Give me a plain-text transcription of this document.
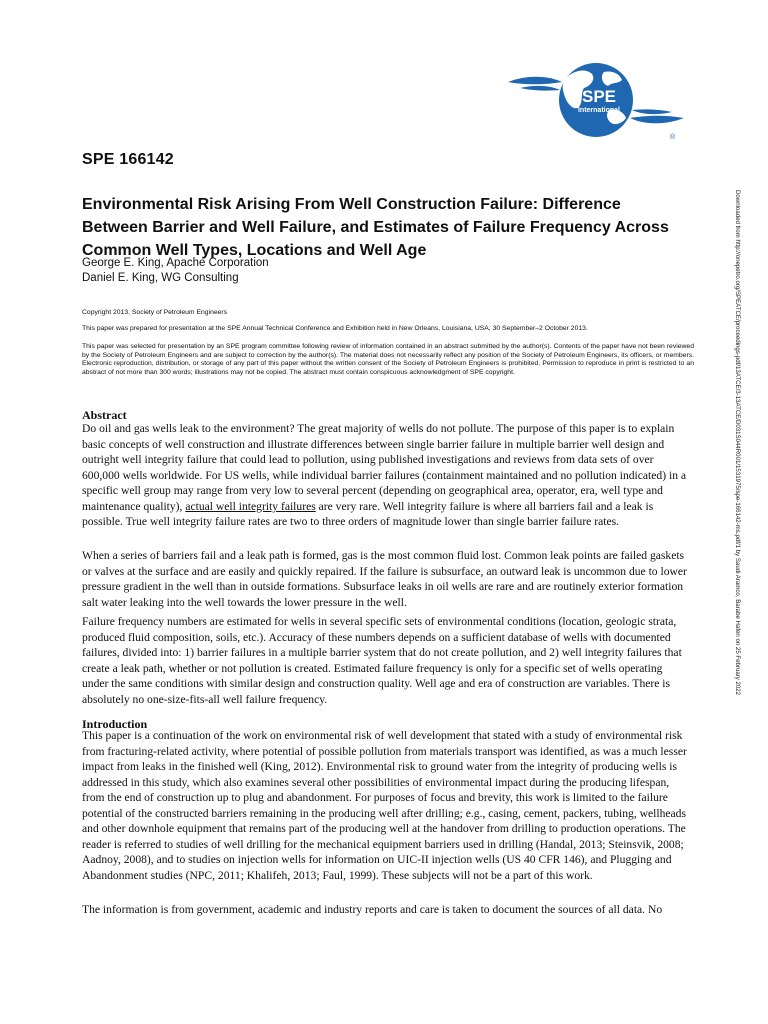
SPE
International
®
SPE 166142
Environmental Risk Arising From Well Construction Failure: Difference Between Barrier and Well Failure, and Estimates of Failure Frequency Across Common Well Types, Locations and Well Age
George E. King, Apache Corporation
Daniel E. King, WG Consulting
Copyright 2013, Society of Petroleum Engineers
This paper was prepared for presentation at the SPE Annual Technical Conference and Exhibition held in New Orleans, Louisiana, USA, 30 September–2 October 2013.
This paper was selected for presentation by an SPE program committee following review of information contained in an abstract submitted by the author(s). Contents of the paper have not been reviewed by the Society of Petroleum Engineers and are subject to correction by the author(s). The material does not necessarily reflect any position of the Society of Petroleum Engineers, its officers, or members. Electronic reproduction, distribution, or storage of any part of this paper without the written consent of the Society of Petroleum Engineers is prohibited. Permission to reproduce in print is restricted to an abstract of not more than 300 words; illustrations may not be copied. The abstract must contain conspicuous acknowledgment of SPE copyright.
Abstract

Do oil and gas wells leak to the environment? The great majority of wells do not pollute. The purpose of this paper is to explain basic concepts of well construction and illustrate differences between single barrier failure in multiple barrier well design and outright well integrity failure that could lead to pollution, using published investigations and reviews from data sets of over 600,000 wells worldwide. For US wells, while individual barrier failures (containment maintained and no pollution indicated) in a specific well group may range from very low to several percent (depending on geographical area, operator, era, well type and maintenance quality), actual well integrity failures are very rare. Well integrity failure is where all barriers fail and a leak is possible. True well integrity failure rates are two to three orders of magnitude lower than single barrier failure rates.

When a series of barriers fail and a leak path is formed, gas is the most common fluid lost. Common leak points are failed gaskets or valves at the surface and are easily and quickly repaired. If the failure is subsurface, an outward leak is uncommon due to lower pressure gradient in the well than in outside formations. Subsurface leaks in oil wells are rare and are routinely exterior formation salt water leaking into the well towards the lower pressure in the well.

Failure frequency numbers are estimated for wells in several specific sets of environmental conditions (location, geologic strata, produced fluid composition, soils, etc.). Accuracy of these numbers depends on a sufficient database of wells with documented failures, divided into: 1) barrier failures in a multiple barrier system that do not create pollution, and 2) well integrity failures that create a leak path, whether or not pollution is created. Estimated failure frequency is only for a specific set of wells operating under the same conditions with similar design and construction quality. Well age and era of construction are variables. There is absolutely no one-size-fits-all well failure frequency.

Introduction

This paper is a continuation of the work on environmental risk of well development that stated with a study of environmental risk from fracturing-related activity, where potential of possible pollution from materials transport was identified, as was a much lesser impact from leaks in the finished well (King, 2012). Environmental risk to ground water from the integrity of producing wells is addressed in this study, which also examines several other possibilities of environmental impact during the producing lifespan, from the end of construction up to plug and abandonment. For purposes of focus and brevity, this work is limited to the failure potential of the constructed barriers remaining in the producing well after drilling; e.g., casing, cement, packers, tubing, wellheads and other downhole equipment that remains part of the producing well at the handover from drilling to production operations. The reader is referred to studies of well drilling for the mechanical equipment barriers used in drilling (Handal, 2013; Steinsvik, 2008; Aadnoy, 2008), and to studies on injection wells for information on UIC-II injection wells (US 40 CFR 146), and Plugging and Abandonment studies (NPC, 2011; Khalifeh, 2013; Faul, 1999). These subjects will not be a part of this work.

The information is from government, academic and industry reports and care is taken to document the sources of all data. No

Downloaded from http://onepetro.org/SPEATCE/proceedings-pdf/13ATCE/3-13ATCE/D031S044R001/1531975/spe-166142-ms.pdf/1 by Saudi Aramco, Barabe Hafen on 25 February 2022
